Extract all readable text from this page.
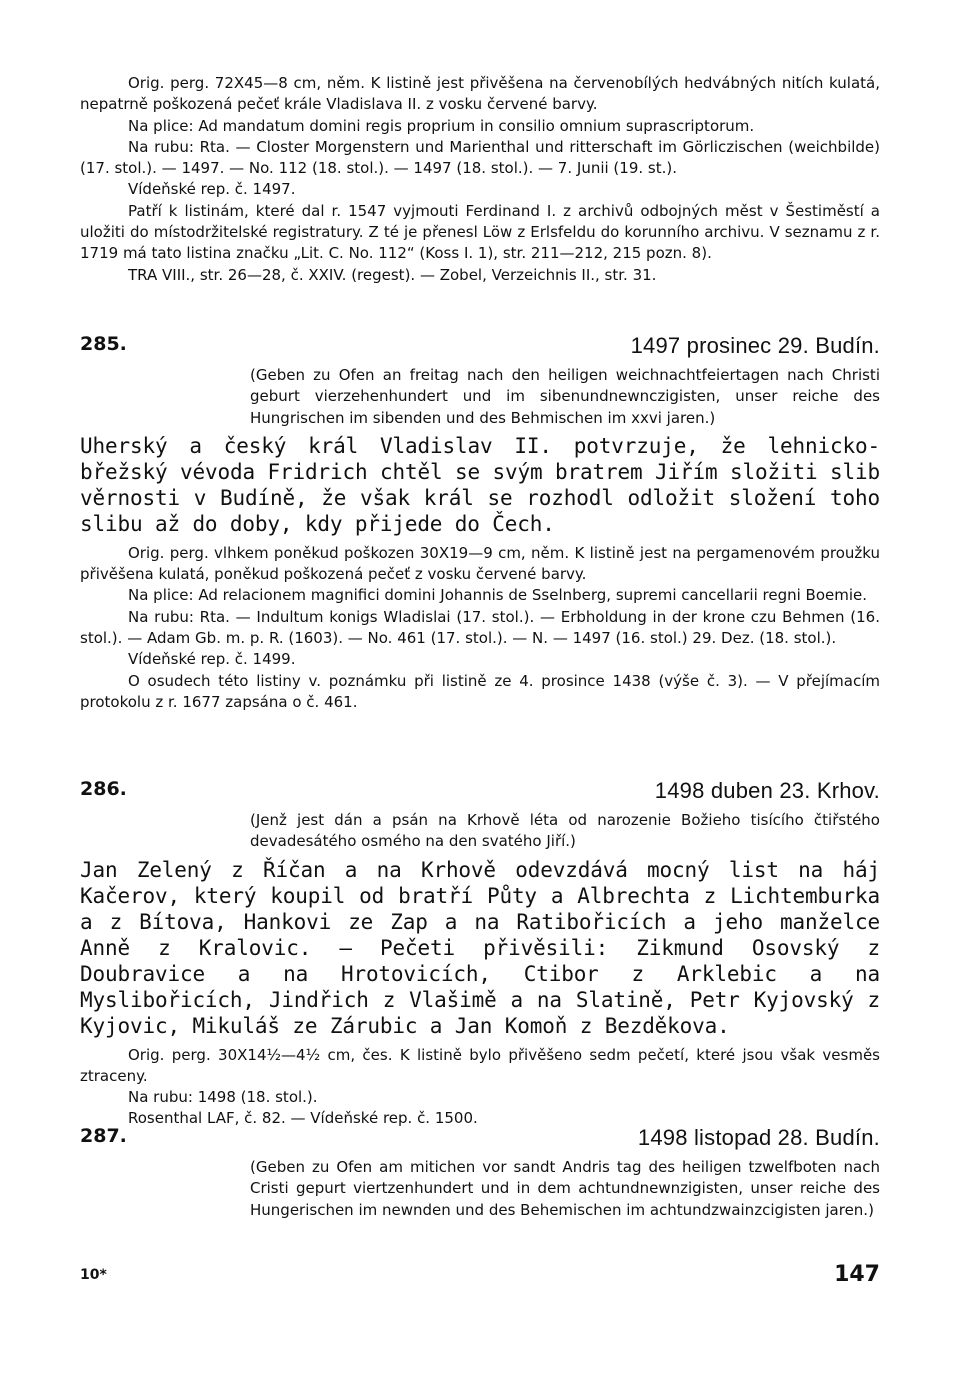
Orig. perg. 72X45—8 cm, něm. K listině jest přivěšena na červenobílých hedvábných nitích kulatá, nepatrně poškozená pečeť krále Vladislava II. z vosku červené barvy.

Na plice: Ad mandatum domini regis proprium in consilio omnium suprascriptorum.

Na rubu: Rta. — Closter Morgenstern und Marienthal und ritterschaft im Görliczischen (weichbilde) (17. stol.). — 1497. — No. 112 (18. stol.). — 1497 (18. stol.). — 7. Junii (19. st.).

Vídeňské rep. č. 1497.

Patří k listinám, které dal r. 1547 vyjmouti Ferdinand I. z archivů odbojných měst v Šestiměstí a uložiti do místodržitelské registratury. Z té je přenesl Löw z Erlsfeldu do korunního archivu. V seznamu z r. 1719 má tato listina značku „Lit. C. No. 112“ (Koss I. 1), str. 211—212, 215 pozn. 8).

TRA VIII., str. 26—28, č. XXIV. (regest). — Zobel, Verzeichnis II., str. 31.

285.	1497 prosinec 29. Budín.

(Geben zu Ofen an freitag nach den heiligen weichnachtfeiertagen nach Christi geburt vierzehenhundert und im sibenundnewnczigisten, unser reiche des Hungrischen im sibenden und des Behmischen im xxvi jaren.)

Uherský a český král Vladislav II. potvrzuje, že lehnicko-břežský vévoda Fridrich chtěl se svým bratrem Jiřím složiti slib věrnosti v Budíně, že však král se rozhodl odložit složení toho slibu až do doby, kdy přijede do Čech.

Orig. perg. vlhkem poněkud poškozen 30X19—9 cm, něm. K listině jest na pergamenovém proužku přivěšena kulatá, poněkud poškozená pečeť z vosku červené barvy.

Na plice: Ad relacionem magnifici domini Johannis de Sselnberg, supremi cancellarii regni Boemie.

Na rubu: Rta. — Indultum konigs Wladislai (17. stol.). — Erbholdung in der krone czu Behmen (16. stol.). — Adam Gb. m. p. R. (1603). — No. 461 (17. stol.). — N. — 1497 (16. stol.) 29. Dez. (18. stol.).

Vídeňské rep. č. 1499.

O osudech této listiny v. poznámku při listině ze 4. prosince 1438 (výše č. 3). — V přejímacím protokolu z r. 1677 zapsána o č. 461.

286.	1498 duben 23. Krhov.

(Jenž jest dán a psán na Krhově léta od narozenie Božieho tisícího čtiřstého devadesátého osmého na den svatého Jiří.)

Jan Zelený z Říčan a na Krhově odevzdává mocný list na háj Kačerov, který koupil od bratří Půty a Albrechta z Lichtemburka a z Bítova, Hankovi ze Zap a na Ratibořicích a jeho manželce Anně z Kralovic. — Pečeti přivěsili: Zikmund Osovský z Doubravice a na Hrotovicích, Ctibor z Arklebic a na Myslibořicích, Jindřich z Vlašimě a na Slatině, Petr Kyjovský z Kyjovic, Mikuláš ze Zárubic a Jan Komoň z Bezděkova.

Orig. perg. 30X14½—4½ cm, čes. K listině bylo přivěšeno sedm pečetí, které jsou však vesměs ztraceny.

Na rubu: 1498 (18. stol.).

Rosenthal LAF, č. 82. — Vídeňské rep. č. 1500.

287.	1498 listopad 28. Budín.

(Geben zu Ofen am mitichen vor sandt Andris tag des heiligen tzwelfboten nach Cristi gepurt viertzenhundert und in dem achtundnewnzigisten, unser reiche des Hungerischen im newnden und des Behemischen im achtundzwainzcigisten jaren.)

10*	147
